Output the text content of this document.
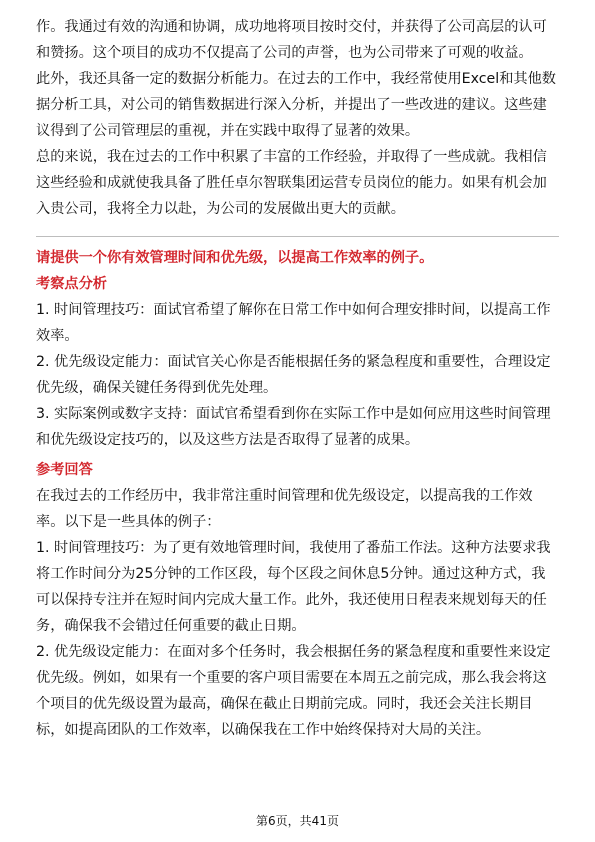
作。我通过有效的沟通和协调，成功地将项目按时交付，并获得了公司高层的认可和赞扬。这个项目的成功不仅提高了公司的声誉，也为公司带来了可观的收益。

此外，我还具备一定的数据分析能力。在过去的工作中，我经常使用Excel和其他数据分析工具，对公司的销售数据进行深入分析，并提出了一些改进的建议。这些建议得到了公司管理层的重视，并在实践中取得了显著的效果。

总的来说，我在过去的工作中积累了丰富的工作经验，并取得了一些成就。我相信这些经验和成就使我具备了胜任卓尔智联集团运营专员岗位的能力。如果有机会加入贵公司，我将全力以赴，为公司的发展做出更大的贡献。

请提供一个你有效管理时间和优先级，以提高工作效率的例子。

考察点分析

1. 时间管理技巧：面试官希望了解你在日常工作中如何合理安排时间，以提高工作效率。

2. 优先级设定能力：面试官关心你是否能根据任务的紧急程度和重要性，合理设定优先级，确保关键任务得到优先处理。

3. 实际案例或数字支持：面试官希望看到你在实际工作中是如何应用这些时间管理和优先级设定技巧的，以及这些方法是否取得了显著的成果。

参考回答

在我过去的工作经历中，我非常注重时间管理和优先级设定，以提高我的工作效率。以下是一些具体的例子：

1. 时间管理技巧：为了更有效地管理时间，我使用了番茄工作法。这种方法要求我将工作时间分为25分钟的工作区段，每个区段之间休息5分钟。通过这种方式，我可以保持专注并在短时间内完成大量工作。此外，我还使用日程表来规划每天的任务，确保我不会错过任何重要的截止日期。

2. 优先级设定能力：在面对多个任务时，我会根据任务的紧急程度和重要性来设定优先级。例如，如果有一个重要的客户项目需要在本周五之前完成，那么我会将这个项目的优先级设置为最高，确保在截止日期前完成。同时，我还会关注长期目标，如提高团队的工作效率，以确保我在工作中始终保持对大局的关注。

第6页，共41页
